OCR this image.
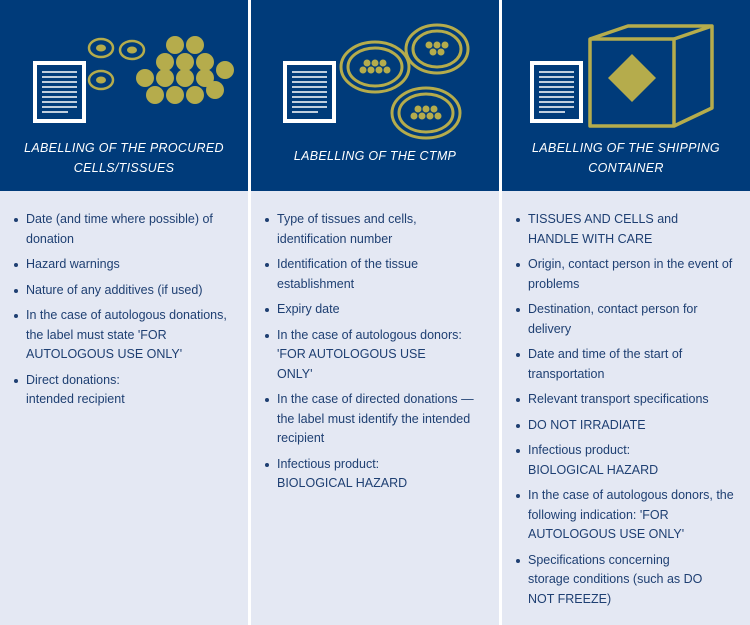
LABELLING OF THE PROCURED
CELLS/TISSUES
Date (and time where possible) of donation
Hazard warnings
Nature of any additives (if used)
In the case of autologous donations, the label must state 'FOR AUTOLOGOUS USE ONLY'
Direct donations: intended recipient
LABELLING OF THE CTMP
Type of tissues and cells, identification number
Identification of the tissue establishment
Expiry date
In the case of autologous donors: 'FOR AUTOLOGOUS USE ONLY'
In the case of directed donations — the label must identify the intended recipient
Infectious product: BIOLOGICAL HAZARD
LABELLING OF THE SHIPPING
CONTAINER
TISSUES AND CELLS and HANDLE WITH CARE
Origin, contact person in the event of problems
Destination, contact person for delivery
Date and time of the start of transportation
Relevant transport specifications
DO NOT IRRADIATE
Infectious product: BIOLOGICAL HAZARD
In the case of autologous donors, the following indication: 'FOR AUTOLOGOUS USE ONLY'
Specifications concerning storage conditions (such as DO NOT FREEZE)
